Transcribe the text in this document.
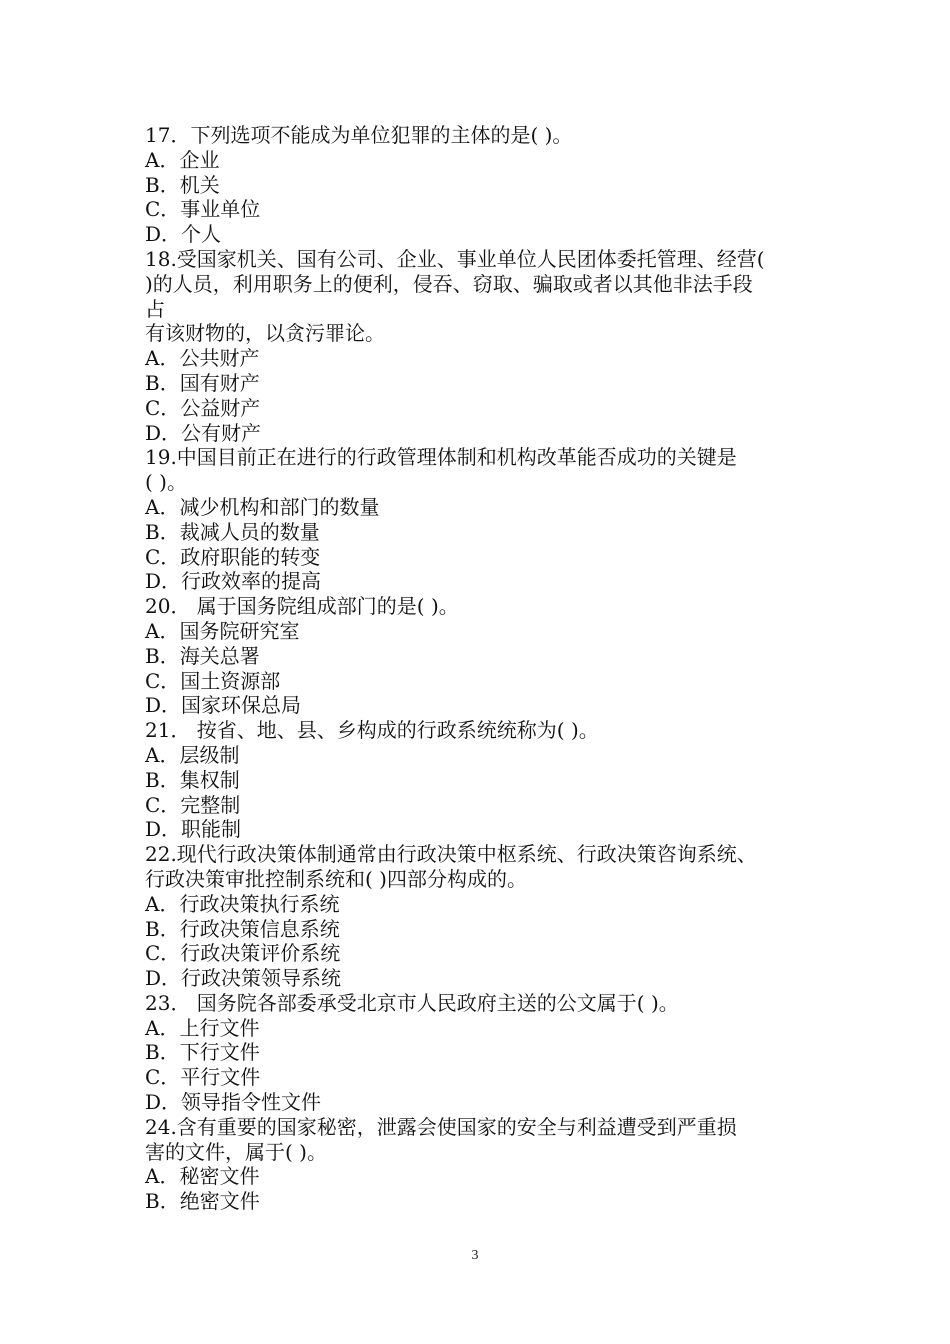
17．下列选项不能成为单位犯罪的主体的是( )。
A．企业
B．机关
C．事业单位
D．个人
18.受国家机关、国有公司、企业、事业单位人民团体委托管理、经营(
)的人员，利用职务上的便利，侵吞、窃取、骗取或者以其他非法手段
占
有该财物的，以贪污罪论。
A．公共财产
B．国有财产
C．公益财产
D．公有财产
19.中国目前正在进行的行政管理体制和机构改革能否成功的关键是
( )。
A．减少机构和部门的数量
B．裁减人员的数量
C．政府职能的转变
D．行政效率的提高
20． 属于国务院组成部门的是( )。
A．国务院研究室
B．海关总署
C．国土资源部
D．国家环保总局
21． 按省、地、县、乡构成的行政系统统称为( )。
A．层级制
B．集权制
C．完整制
D．职能制
22.现代行政决策体制通常由行政决策中枢系统、行政决策咨询系统、
行政决策审批控制系统和( )四部分构成的。
A．行政决策执行系统
B．行政决策信息系统
C．行政决策评价系统
D．行政决策领导系统
23． 国务院各部委承受北京市人民政府主送的公文属于( )。
A．上行文件
B．下行文件
C．平行文件
D．领导指令性文件
24.含有重要的国家秘密，泄露会使国家的安全与利益遭受到严重损
害的文件，属于( )。
A．秘密文件
B．绝密文件
3
